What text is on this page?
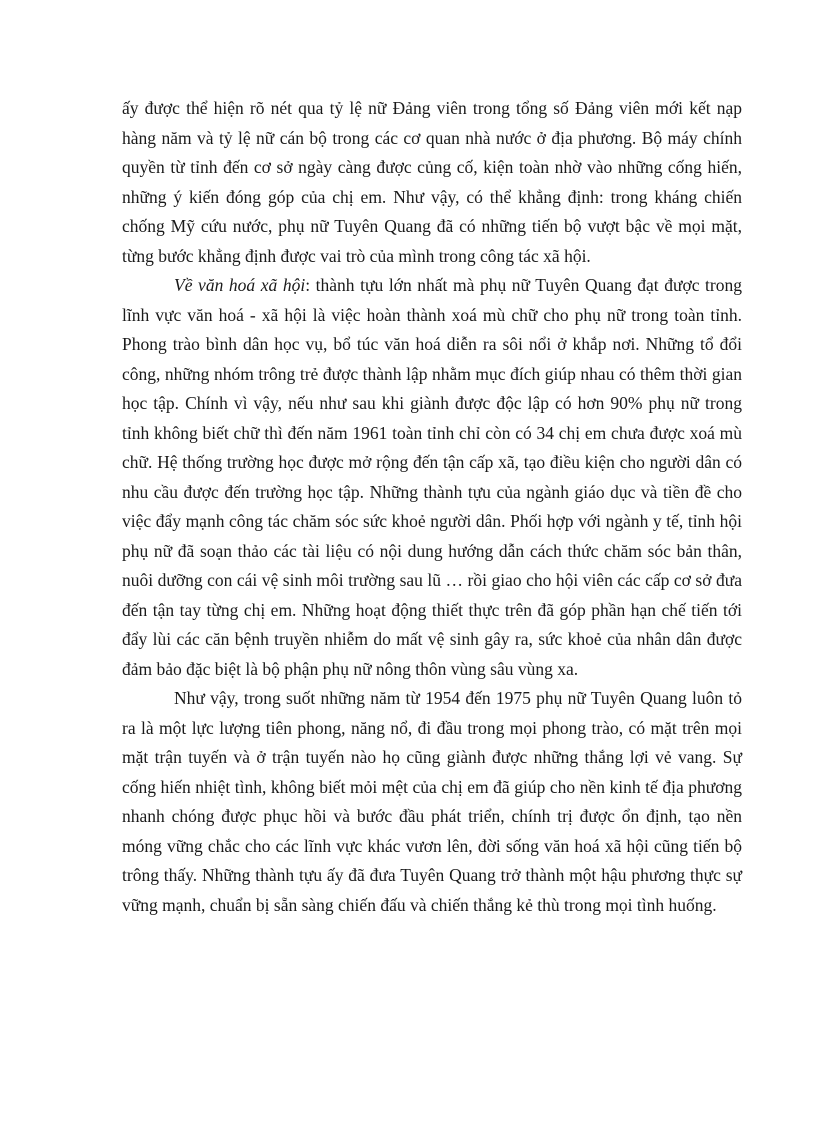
ấy được thể hiện rõ nét qua tỷ lệ nữ Đảng viên trong tổng số Đảng viên mới kết nạp hàng năm và tỷ lệ nữ cán bộ trong các cơ quan nhà nước ở địa phương. Bộ máy chính quyền từ tỉnh đến cơ sở ngày càng được củng cố, kiện toàn nhờ vào những cống hiến, những ý kiến đóng góp của chị em. Như vậy, có thể khẳng định: trong kháng chiến chống Mỹ cứu nước, phụ nữ Tuyên Quang đã có những tiến bộ vượt bậc về mọi mặt, từng bước khẳng định được vai trò của mình trong công tác xã hội.

Về văn hoá xã hội: thành tựu lớn nhất mà phụ nữ Tuyên Quang đạt được trong lĩnh vực văn hoá - xã hội là việc hoàn thành xoá mù chữ cho phụ nữ trong toàn tỉnh. Phong trào bình dân học vụ, bổ túc văn hoá diễn ra sôi nổi ở khắp nơi. Những tổ đổi công, những nhóm trông trẻ được thành lập nhằm mục đích giúp nhau có thêm thời gian học tập. Chính vì vậy, nếu như sau khi giành được độc lập có hơn 90% phụ nữ trong tỉnh không biết chữ thì đến năm 1961 toàn tỉnh chỉ còn có 34 chị em chưa được xoá mù chữ. Hệ thống trường học được mở rộng đến tận cấp xã, tạo điều kiện cho người dân có nhu cầu được đến trường học tập. Những thành tựu của ngành giáo dục và tiền đề cho việc đẩy mạnh công tác chăm sóc sức khoẻ người dân. Phối hợp với ngành y tế, tỉnh hội phụ nữ đã soạn thảo các tài liệu có nội dung hướng dẫn cách thức chăm sóc bản thân, nuôi dưỡng con cái vệ sinh môi trường sau lũ … rồi giao cho hội viên các cấp cơ sở đưa đến tận tay từng chị em. Những hoạt động thiết thực trên đã góp phần hạn chế tiến tới đẩy lùi các căn bệnh truyền nhiễm do mất vệ sinh gây ra, sức khoẻ của nhân dân được đảm bảo đặc biệt là bộ phận phụ nữ nông thôn vùng sâu vùng xa.

Như vậy, trong suốt những năm từ 1954 đến 1975 phụ nữ Tuyên Quang luôn tỏ ra là một lực lượng tiên phong, năng nổ, đi đầu trong mọi phong trào, có mặt trên mọi mặt trận tuyến và ở trận tuyến nào họ cũng giành được những thắng lợi vẻ vang. Sự cống hiến nhiệt tình, không biết mỏi mệt của chị em đã giúp cho nền kinh tế địa phương nhanh chóng được phục hồi và bước đầu phát triển, chính trị được ổn định, tạo nền móng vững chắc cho các lĩnh vực khác vươn lên, đời sống văn hoá xã hội cũng tiến bộ trông thấy. Những thành tựu ấy đã đưa Tuyên Quang trở thành một hậu phương thực sự vững mạnh, chuẩn bị sẵn sàng chiến đấu và chiến thắng kẻ thù trong mọi tình huống.
